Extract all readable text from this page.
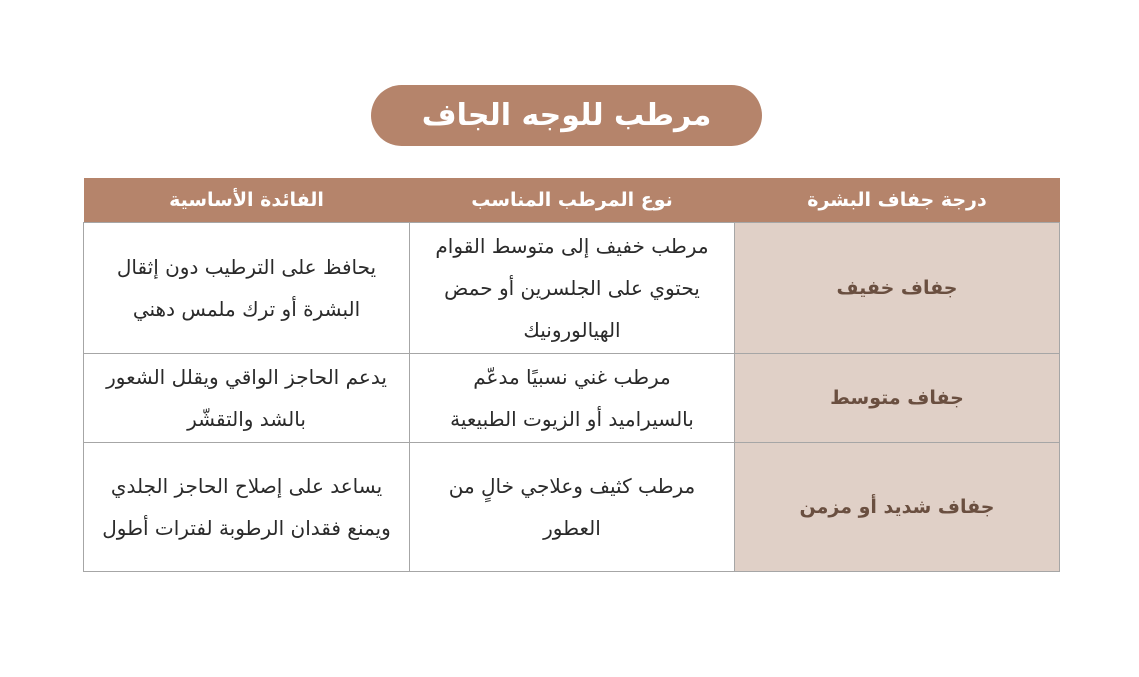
مرطب للوجه الجاف
درجة جفاف البشرة	نوع المرطب المناسب	الفائدة الأساسية
جفاف خفيف	مرطب خفيف إلى متوسط القوام يحتوي على الجلسرين أو حمض الهيالورونيك	يحافظ على الترطيب دون إثقال البشرة أو ترك ملمس دهني
جفاف متوسط	مرطب غني نسبيًا مدعّم بالسيراميد أو الزيوت الطبيعية	يدعم الحاجز الواقي ويقلل الشعور بالشد والتقشّر
جفاف شديد أو مزمن	مرطب كثيف وعلاجي خالٍ من العطور	يساعد على إصلاح الحاجز الجلدي ويمنع فقدان الرطوبة لفترات أطول
